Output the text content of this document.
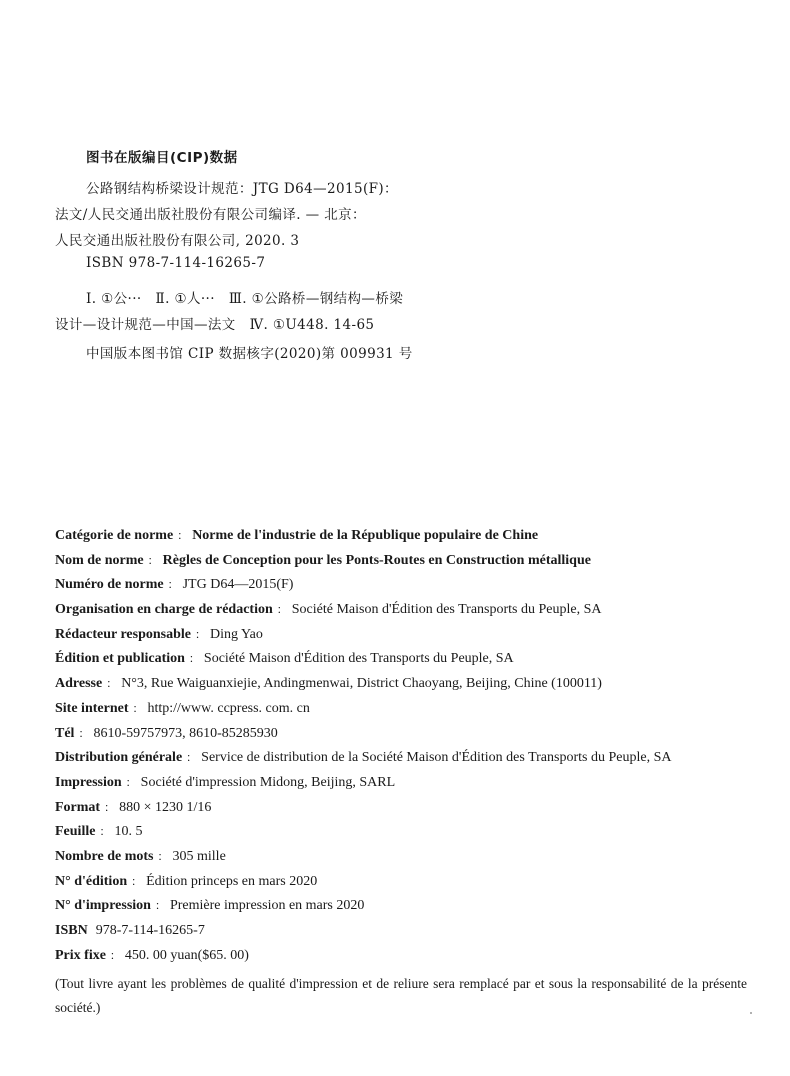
图书在版编目(CIP)数据
公路钢结构桥梁设计规范：JTG D64—2015(F)：
法文/人民交通出版社股份有限公司编译. — 北京：
人民交通出版社股份有限公司, 2020. 3
ISBN 978-7-114-16265-7
Ⅰ. ①公···　Ⅱ. ①人···　Ⅲ. ①公路桥—钢结构—桥梁
设计—设计规范—中国—法文　Ⅳ. ①U448. 14-65
中国版本图书馆 CIP 数据核字(2020)第 009931 号
Catégorie de norme ： Norme de l'industrie de la République populaire de Chine
Nom de norme ： Règles de Conception pour les Ponts-Routes en Construction métallique
Numéro de norme ： JTG D64—2015(F)
Organisation en charge de rédaction ： Société Maison d'Édition des Transports du Peuple, SA
Rédacteur responsable ： Ding Yao
Édition et publication ： Société Maison d'Édition des Transports du Peuple, SA
Adresse ： N°3, Rue Waiguanxiejie, Andingmenwai, District Chaoyang, Beijing, Chine (100011)
Site internet ： http://www. ccpress. com. cn
Tél ： 8610-59757973, 8610-85285930
Distribution générale ： Service de distribution de la Société Maison d'Édition des Transports du Peuple, SA
Impression ： Société d'impression Midong, Beijing, SARL
Format ： 880 × 1230 1/16
Feuille ： 10. 5
Nombre de mots ： 305 mille
N° d'édition ： Édition princeps en mars 2020
N° d'impression ： Première impression en mars 2020
ISBN 978-7-114-16265-7
Prix fixe ： 450. 00 yuan($65. 00)
(Tout livre ayant les problèmes de qualité d'impression et de reliure sera remplacé par et sous la responsabilité de la présente société.)
